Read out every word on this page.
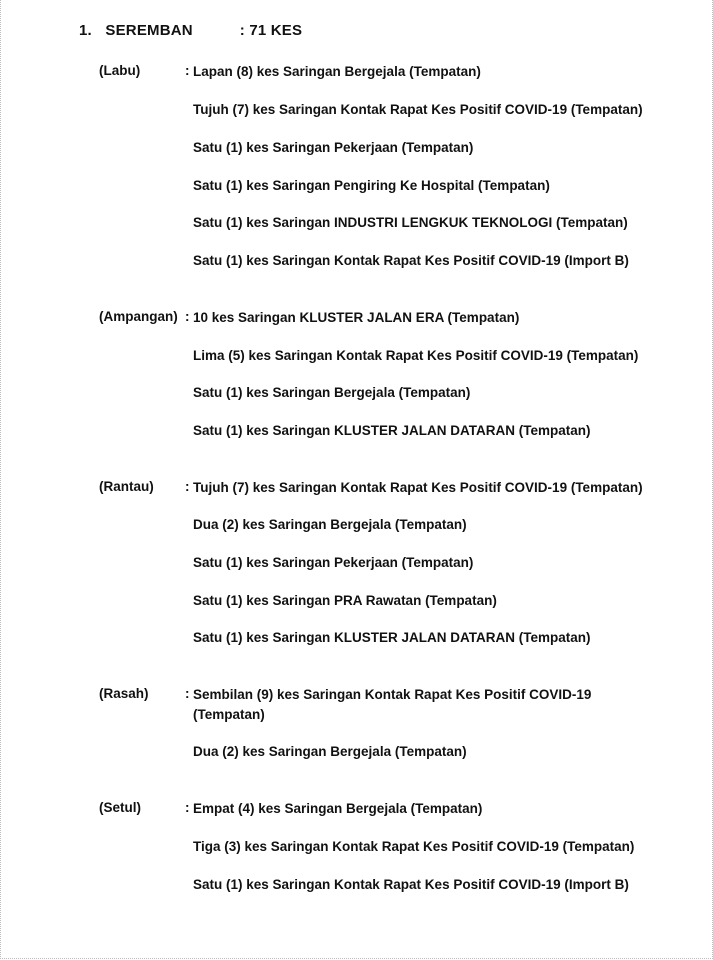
1. SEREMBAN	: 71 KES
(Labu)	: Lapan (8) kes Saringan Bergejala (Tempatan)
Tujuh (7) kes Saringan Kontak Rapat Kes Positif COVID-19 (Tempatan)
Satu (1) kes Saringan Pekerjaan (Tempatan)
Satu (1) kes Saringan Pengiring Ke Hospital (Tempatan)
Satu (1) kes Saringan INDUSTRI LENGKUK TEKNOLOGI (Tempatan)
Satu (1) kes Saringan Kontak Rapat Kes Positif COVID-19 (Import B)
(Ampangan) : 10 kes Saringan KLUSTER JALAN ERA (Tempatan)
Lima (5) kes Saringan Kontak Rapat Kes Positif COVID-19 (Tempatan)
Satu (1) kes Saringan Bergejala (Tempatan)
Satu (1) kes Saringan KLUSTER JALAN DATARAN (Tempatan)
(Rantau) : Tujuh (7) kes Saringan Kontak Rapat Kes Positif COVID-19 (Tempatan)
Dua (2) kes Saringan Bergejala (Tempatan)
Satu (1) kes Saringan Pekerjaan (Tempatan)
Satu (1) kes Saringan PRA Rawatan (Tempatan)
Satu (1) kes Saringan KLUSTER JALAN DATARAN (Tempatan)
(Rasah)	: Sembilan (9) kes Saringan Kontak Rapat Kes Positif COVID-19
(Tempatan)
Dua (2) kes Saringan Bergejala (Tempatan)
(Setul)	: Empat (4) kes Saringan Bergejala (Tempatan)
Tiga (3) kes Saringan Kontak Rapat Kes Positif COVID-19 (Tempatan)
Satu (1) kes Saringan Kontak Rapat Kes Positif COVID-19 (Import B)
